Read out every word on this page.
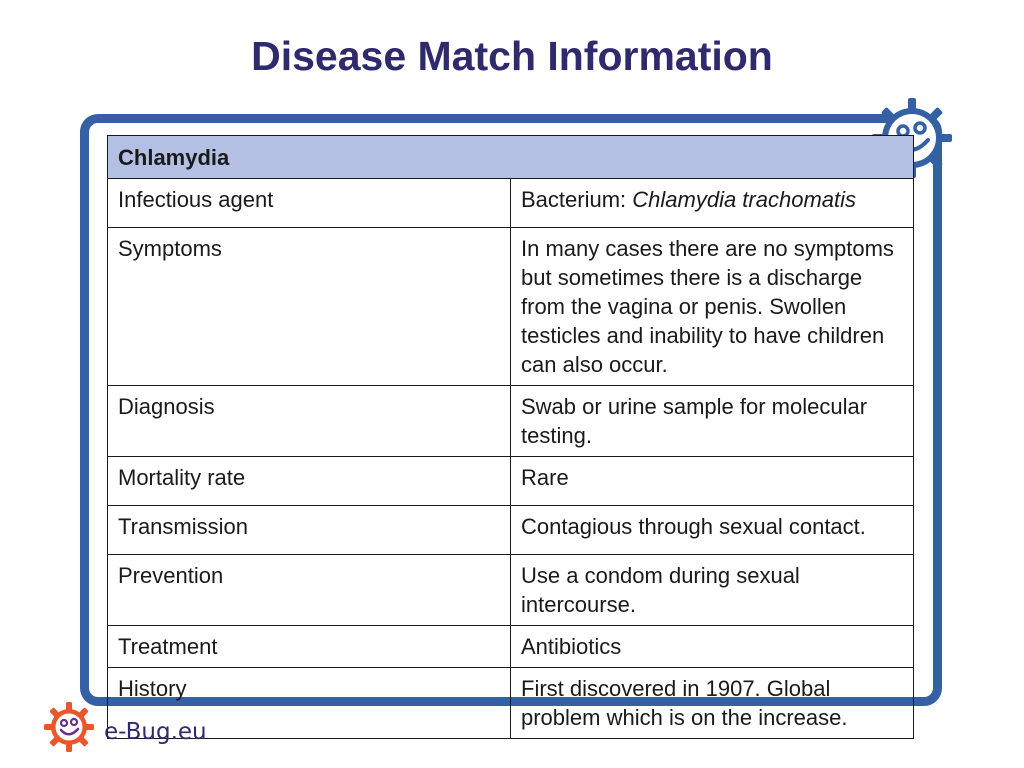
Disease Match Information
Chlamydia	
Infectious agent	Bacterium: Chlamydia trachomatis
Symptoms	In many cases there are no symptoms but sometimes there is a discharge from the vagina or penis. Swollen testicles and inability to have children can also occur.
Diagnosis	Swab or urine sample for molecular testing.
Mortality rate	Rare
Transmission	Contagious through sexual contact.
Prevention	Use a condom during sexual intercourse.
Treatment	Antibiotics
History	First discovered in 1907. Global problem which is on the increase.
e-Bug.eu
